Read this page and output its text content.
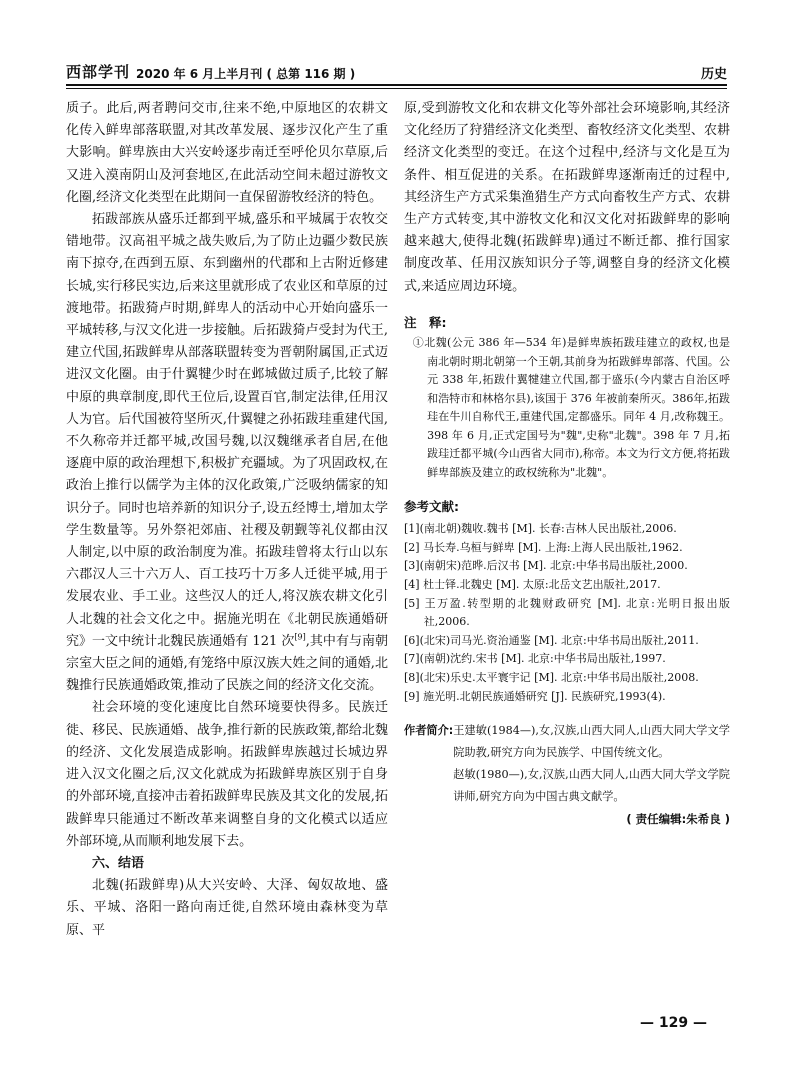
西部学刊 2020 年 6 月上半月刊 ( 总第 116 期 )	历史

质子。此后,两者聘问交市,往来不绝,中原地区的农耕文化传入鲜卑部落联盟,对其改革发展、逐步汉化产生了重大影响。鲜卑族由大兴安岭逐步南迁至呼伦贝尔草原,后又进入漠南阴山及河套地区,在此活动空间未超过游牧文化圈,经济文化类型在此期间一直保留游牧经济的特色。

拓跋部族从盛乐迁都到平城,盛乐和平城属于农牧交错地带。汉高祖平城之战失败后,为了防止边疆少数民族南下掠夺,在西到五原、东到幽州的代郡和上古附近修建长城,实行移民实边,后来这里就形成了农业区和草原的过渡地带。拓跋猗卢时期,鲜卑人的活动中心开始向盛乐一平城转移,与汉文化进一步接触。后拓跋猗卢受封为代王,建立代国,拓跋鲜卑从部落联盟转变为晋朝附属国,正式迈进汉文化圈。由于什翼犍少时在邺城做过质子,比较了解中原的典章制度,即代王位后,设置百官,制定法律,任用汉人为官。后代国被符坚所灭,什翼犍之孙拓跋珪重建代国,不久称帝并迁都平城,改国号魏,以汉魏继承者自居,在他逐鹿中原的政治理想下,积极扩充疆域。为了巩固政权,在政治上推行以儒学为主体的汉化政策,广泛吸纳儒家的知识分子。同时也培养新的知识分子,设五经博士,增加太学学生数量等。另外祭祀郊庙、社稷及朝觐等礼仪都由汉人制定,以中原的政治制度为准。拓跋珪曾将太行山以东六郡汉人三十六万人、百工技巧十万多人迁徙平城,用于发展农业、手工业。这些汉人的迁人,将汉族农耕文化引人北魏的社会文化之中。据施光明在《北朝民族通婚研究》一文中统计北魏民族通婚有 121 次[9],其中有与南朝宗室大臣之间的通婚,有笼络中原汉族大姓之间的通婚,北魏推行民族通婚政策,推动了民族之间的经济文化交流。

社会环境的变化速度比自然环境要快得多。民族迁徙、移民、民族通婚、战争,推行新的民族政策,都给北魏的经济、文化发展造成影响。拓跋鲜卑族越过长城边界进入汉文化圈之后,汉文化就成为拓跋鲜卑族区别于自身的外部环境,直接冲击着拓跋鲜卑民族及其文化的发展,拓跋鲜卑只能通过不断改革来调整自身的文化模式以适应外部环境,从而顺利地发展下去。

六、结语

北魏(拓跋鲜卑)从大兴安岭、大泽、匈奴故地、盛乐、平城、洛阳一路向南迁徙,自然环境由森林变为草原、平

原,受到游牧文化和农耕文化等外部社会环境影响,其经济文化经历了狩猎经济文化类型、畜牧经济文化类型、农耕经济文化类型的变迁。在这个过程中,经济与文化是互为条件、相互促进的关系。在拓跋鲜卑逐渐南迁的过程中,其经济生产方式采集渔猎生产方式向畜牧生产方式、农耕生产方式转变,其中游牧文化和汉文化对拓跋鲜卑的影响越来越大,使得北魏(拓跋鲜卑)通过不断迁都、推行国家制度改革、任用汉族知识分子等,调整自身的经济文化模式,来适应周边环境。

注　释:

①北魏(公元 386 年—534 年)是鲜卑族拓跋珪建立的政权,也是南北朝时期北朝第一个王朝,其前身为拓跋鲜卑部落、代国。公元 338 年,拓跋什翼犍建立代国,都于盛乐(今内蒙古自治区呼和浩特市和林格尔县),该国于 376 年被前秦所灭。386年,拓跋珪在牛川自称代王,重建代国,定都盛乐。同年 4 月,改称魏王。398 年 6 月,正式定国号为"魏",史称"北魏"。398 年 7 月,拓跋珪迁都平城(今山西省大同市),称帝。本文为行文方便,将拓跋鲜卑部族及建立的政权统称为"北魏"。

参考文献:

[1](南北朝)魏收.魏书 [M]. 长春:吉林人民出版社,2006.

[2] 马长寿.乌桓与鲜卑 [M]. 上海:上海人民出版社,1962.

[3](南朝宋)范晔.后汉书 [M]. 北京:中华书局出版社,2000.

[4] 杜士铎.北魏史 [M]. 太原:北岳文艺出版社,2017.

[5] 王万盈.转型期的北魏财政研究 [M]. 北京:光明日报出版社,2006.

[6](北宋)司马光.资治通鉴 [M]. 北京:中华书局出版社,2011.

[7](南朝)沈约.宋书 [M]. 北京:中华书局出版社,1997.

[8](北宋)乐史.太平寰宇记 [M]. 北京:中华书局出版社,2008.

[9] 施光明.北朝民族通婚研究 [J]. 民族研究,1993(4).

作者简介: 王建敏(1984—),女,汉族,山西大同人,山西大同大学文学院助教,研究方向为民族学、中国传统文化。

赵敏(1980—),女,汉族,山西大同人,山西大同大学文学院讲师,研究方向为中国古典文献学。

( 责任编辑:朱希良 )

— 129 —
